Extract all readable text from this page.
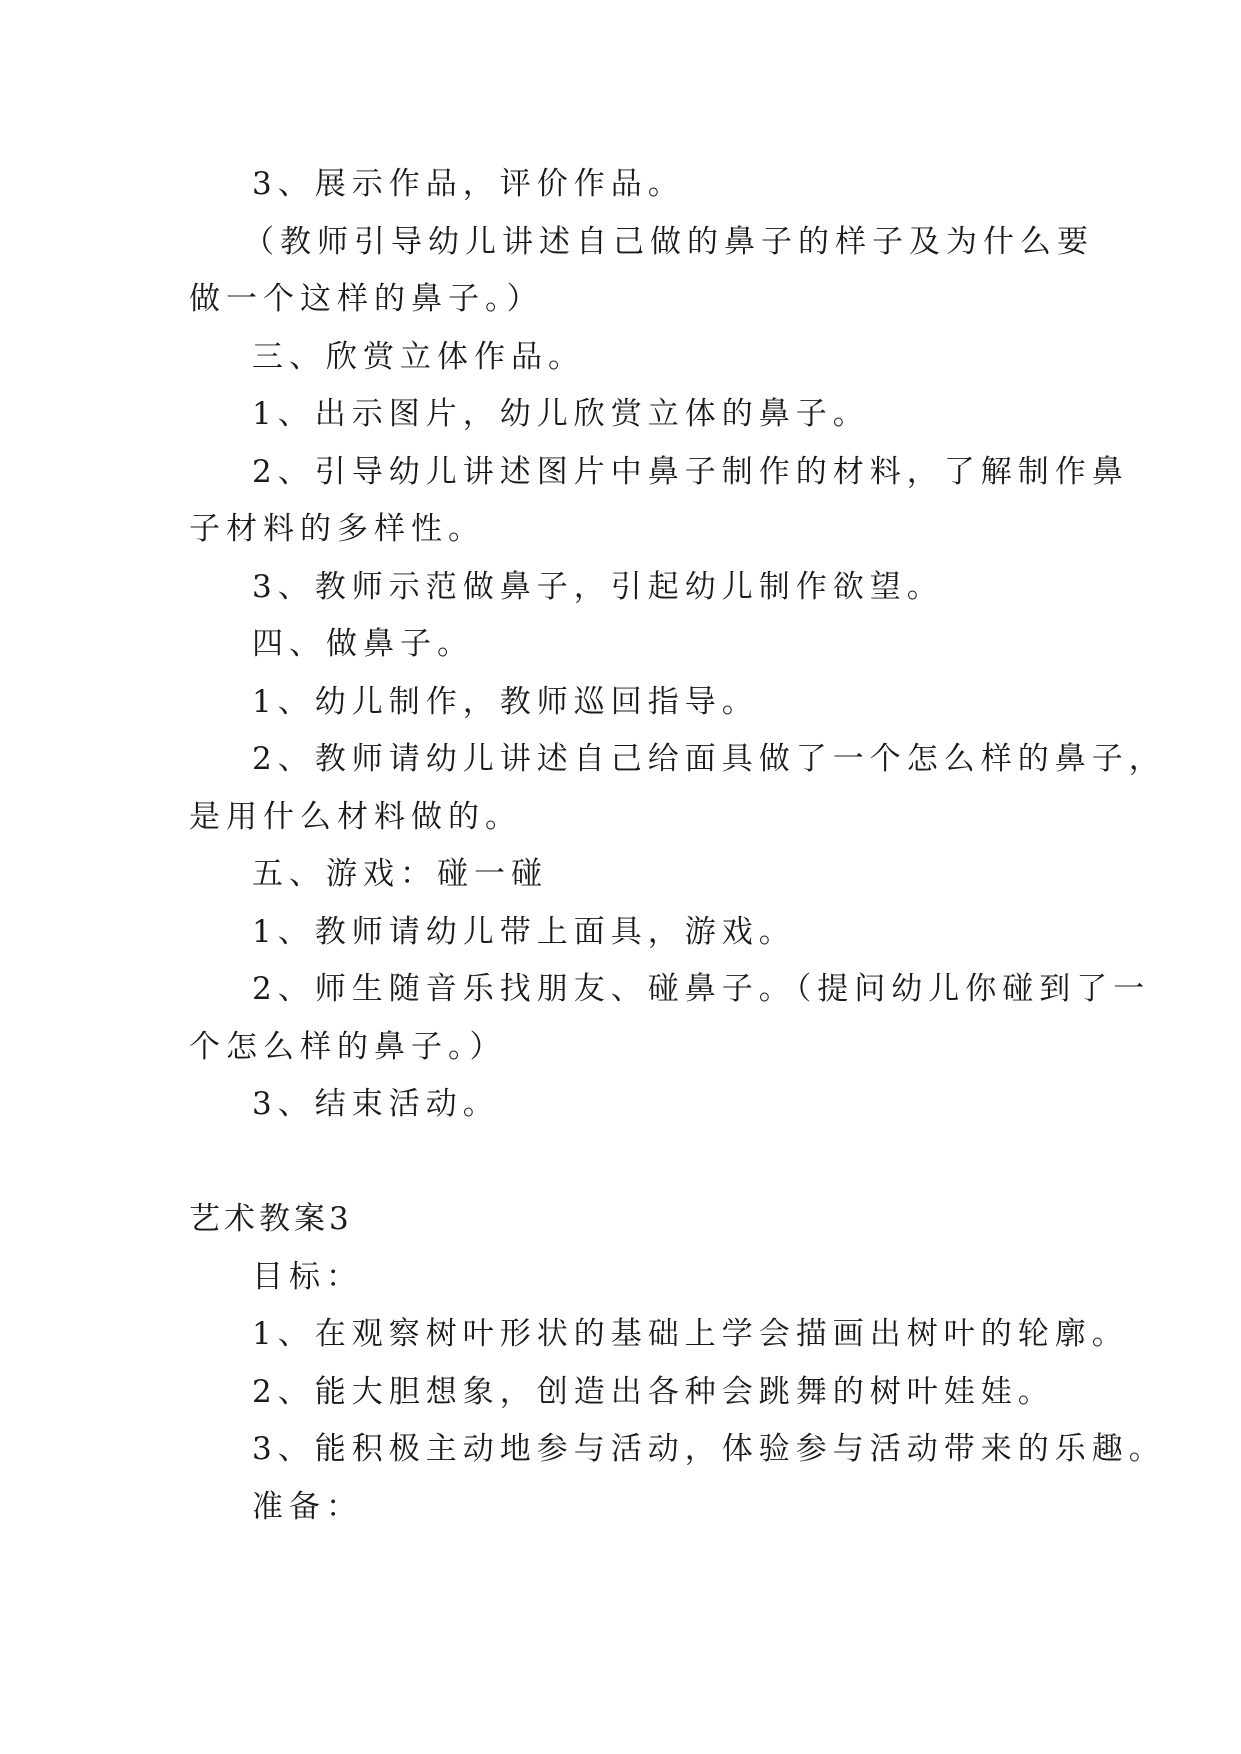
3、展示作品，评价作品。
（教师引导幼儿讲述自己做的鼻子的样子及为什么要
做一个这样的鼻子。）
三、欣赏立体作品。
1、出示图片，幼儿欣赏立体的鼻子。
2、引导幼儿讲述图片中鼻子制作的材料，了解制作鼻
子材料的多样性。
3、教师示范做鼻子，引起幼儿制作欲望。
四、做鼻子。
1、幼儿制作，教师巡回指导。
2、教师请幼儿讲述自己给面具做了一个怎么样的鼻子，
是用什么材料做的。
五、游戏：碰一碰
1、教师请幼儿带上面具，游戏。
2、师生随音乐找朋友、碰鼻子。（提问幼儿你碰到了一
个怎么样的鼻子。）
3、结束活动。
艺术教案3
目标：
1、在观察树叶形状的基础上学会描画出树叶的轮廓。
2、能大胆想象，创造出各种会跳舞的树叶娃娃。
3、能积极主动地参与活动，体验参与活动带来的乐趣。
准备：
